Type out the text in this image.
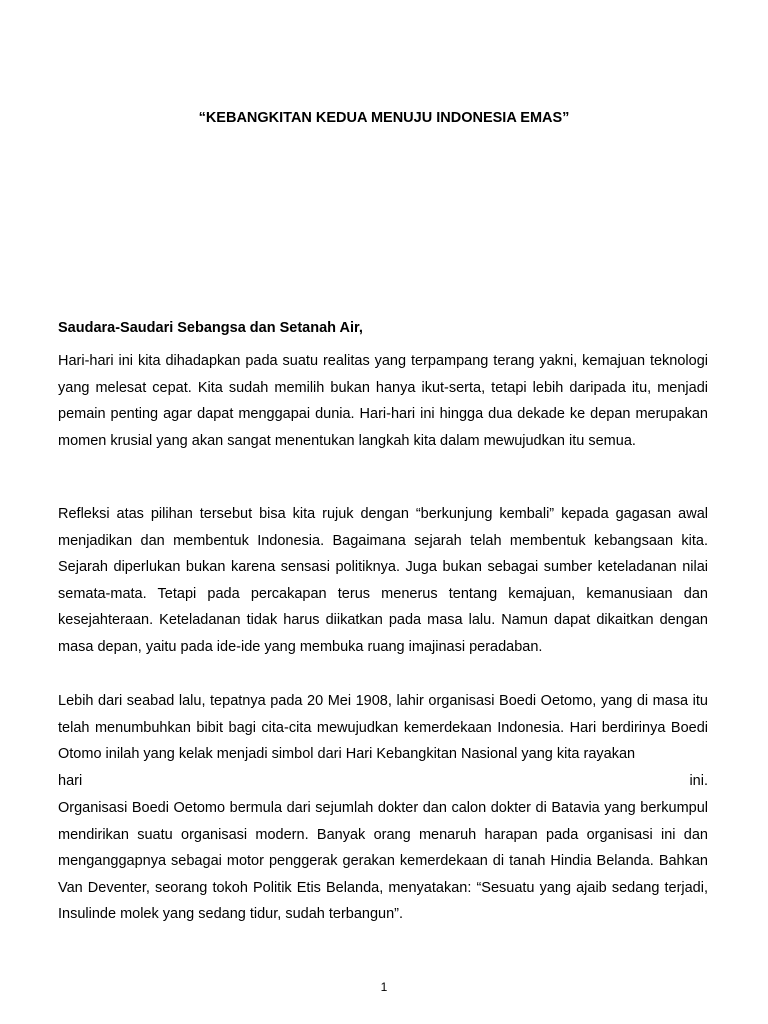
“KEBANGKITAN KEDUA MENUJU INDONESIA EMAS”

Saudara-Saudari Sebangsa dan Setanah Air,

Hari-hari ini kita dihadapkan pada suatu realitas yang terpampang terang yakni, kemajuan teknologi yang melesat cepat. Kita sudah memilih bukan hanya ikut-serta, tetapi lebih daripada itu, menjadi pemain penting agar dapat menggapai dunia. Hari-hari ini hingga dua dekade ke depan merupakan momen krusial yang akan sangat menentukan langkah kita dalam mewujudkan itu semua.

Refleksi atas pilihan tersebut bisa kita rujuk dengan “berkunjung kembali” kepada gagasan awal menjadikan dan membentuk Indonesia. Bagaimana sejarah telah membentuk kebangsaan kita. Sejarah diperlukan bukan karena sensasi politiknya. Juga bukan sebagai sumber keteladanan nilai semata-mata. Tetapi pada percakapan terus menerus tentang kemajuan, kemanusiaan dan kesejahteraan. Keteladanan tidak harus diikatkan pada masa lalu. Namun dapat dikaitkan dengan masa depan, yaitu pada ide-ide yang membuka ruang imajinasi peradaban.

Lebih dari seabad lalu, tepatnya pada 20 Mei 1908, lahir organisasi Boedi Oetomo, yang di masa itu telah menumbuhkan bibit bagi cita-cita mewujudkan kemerdekaan Indonesia. Hari berdirinya Boedi Otomo inilah yang kelak menjadi simbol dari Hari Kebangkitan Nasional yang kita rayakan

hari	ini.

Organisasi Boedi Oetomo bermula dari sejumlah dokter dan calon dokter di Batavia yang berkumpul mendirikan suatu organisasi modern. Banyak orang menaruh harapan pada organisasi ini dan menganggapnya sebagai motor penggerak gerakan kemerdekaan di tanah Hindia Belanda. Bahkan Van Deventer, seorang tokoh Politik Etis Belanda, menyatakan: “Sesuatu yang ajaib sedang terjadi, Insulinde molek yang sedang tidur, sudah terbangun”.

1
